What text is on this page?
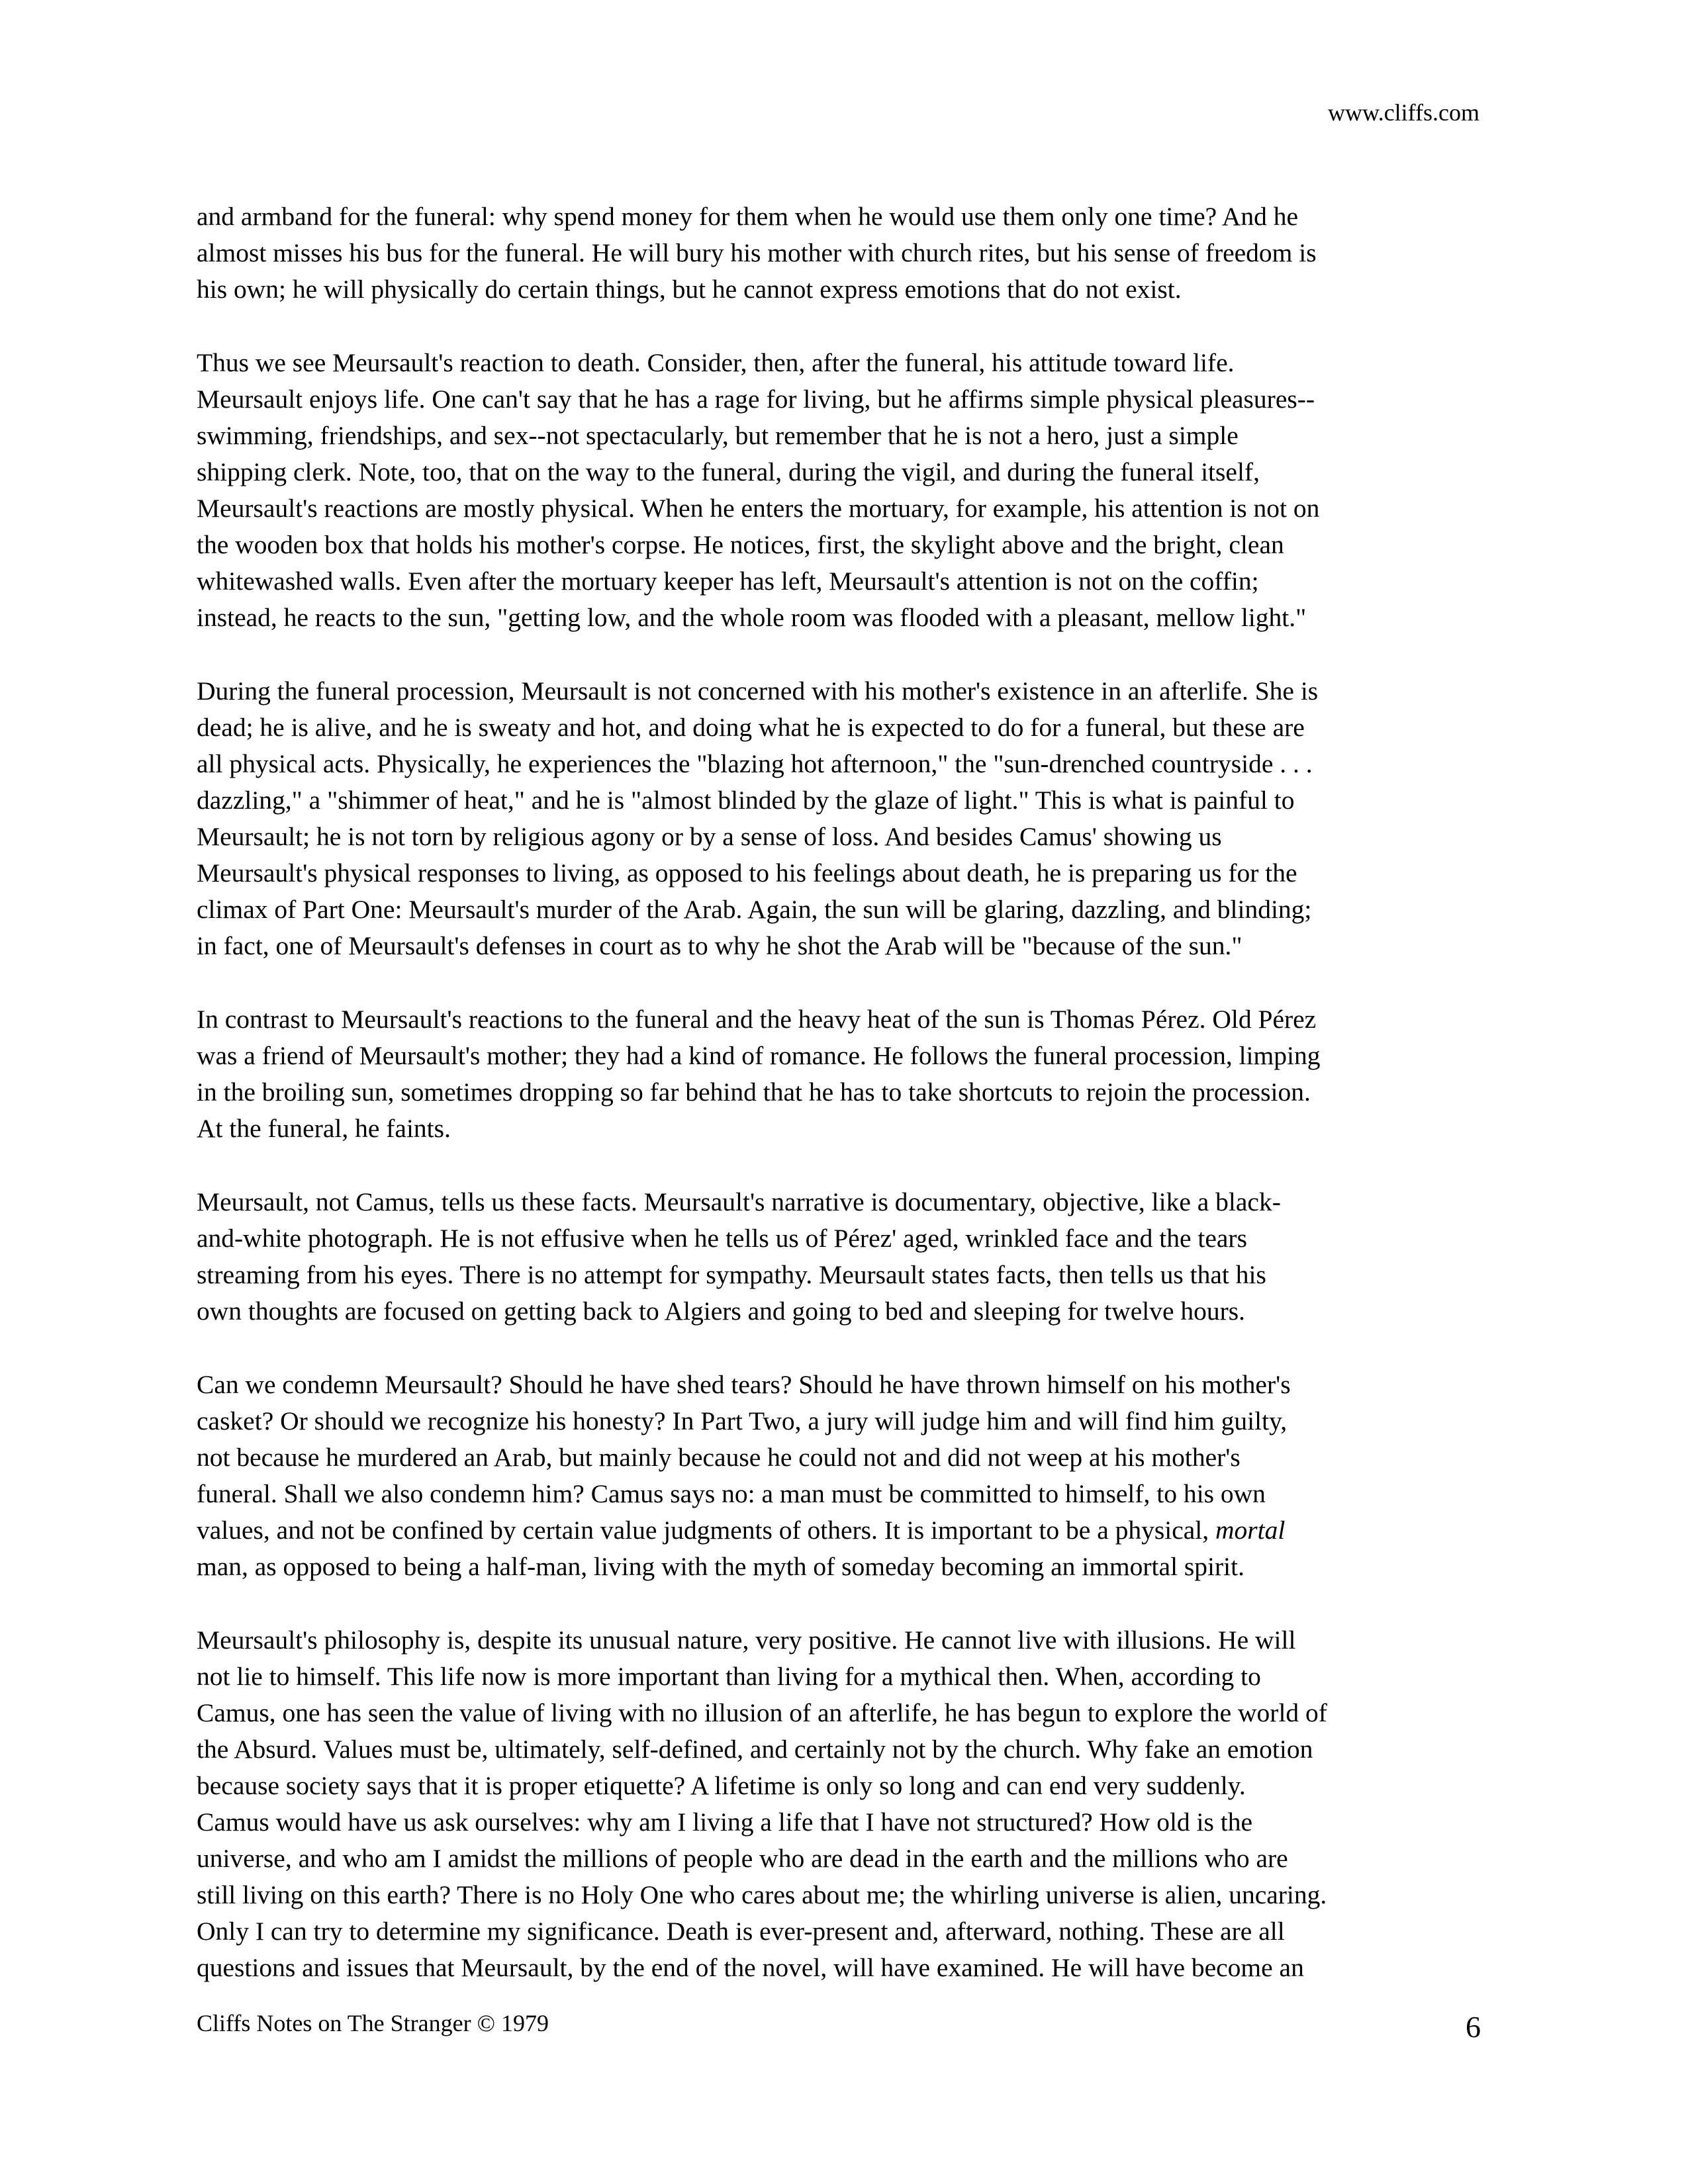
www.cliffs.com

and armband for the funeral: why spend money for them when he would use them only one time? And he
almost misses his bus for the funeral. He will bury his mother with church rites, but his sense of freedom is
his own; he will physically do certain things, but he cannot express emotions that do not exist.

Thus we see Meursault's reaction to death. Consider, then, after the funeral, his attitude toward life.
Meursault enjoys life. One can't say that he has a rage for living, but he affirms simple physical pleasures--
swimming, friendships, and sex--not spectacularly, but remember that he is not a hero, just a simple
shipping clerk. Note, too, that on the way to the funeral, during the vigil, and during the funeral itself,
Meursault's reactions are mostly physical. When he enters the mortuary, for example, his attention is not on
the wooden box that holds his mother's corpse. He notices, first, the skylight above and the bright, clean
whitewashed walls. Even after the mortuary keeper has left, Meursault's attention is not on the coffin;
instead, he reacts to the sun, "getting low, and the whole room was flooded with a pleasant, mellow light."

During the funeral procession, Meursault is not concerned with his mother's existence in an afterlife. She is
dead; he is alive, and he is sweaty and hot, and doing what he is expected to do for a funeral, but these are
all physical acts. Physically, he experiences the "blazing hot afternoon," the "sun-drenched countryside . . .
dazzling," a "shimmer of heat," and he is "almost blinded by the glaze of light." This is what is painful to
Meursault; he is not torn by religious agony or by a sense of loss. And besides Camus' showing us
Meursault's physical responses to living, as opposed to his feelings about death, he is preparing us for the
climax of Part One: Meursault's murder of the Arab. Again, the sun will be glaring, dazzling, and blinding;
in fact, one of Meursault's defenses in court as to why he shot the Arab will be "because of the sun."

In contrast to Meursault's reactions to the funeral and the heavy heat of the sun is Thomas Pérez. Old Pérez
was a friend of Meursault's mother; they had a kind of romance. He follows the funeral procession, limping
in the broiling sun, sometimes dropping so far behind that he has to take shortcuts to rejoin the procession.
At the funeral, he faints.

Meursault, not Camus, tells us these facts. Meursault's narrative is documentary, objective, like a black-
and-white photograph. He is not effusive when he tells us of Pérez' aged, wrinkled face and the tears
streaming from his eyes. There is no attempt for sympathy. Meursault states facts, then tells us that his
own thoughts are focused on getting back to Algiers and going to bed and sleeping for twelve hours.

Can we condemn Meursault? Should he have shed tears? Should he have thrown himself on his mother's
casket? Or should we recognize his honesty? In Part Two, a jury will judge him and will find him guilty,
not because he murdered an Arab, but mainly because he could not and did not weep at his mother's
funeral. Shall we also condemn him? Camus says no: a man must be committed to himself, to his own
values, and not be confined by certain value judgments of others. It is important to be a physical, mortal
man, as opposed to being a half-man, living with the myth of someday becoming an immortal spirit.

Meursault's philosophy is, despite its unusual nature, very positive. He cannot live with illusions. He will
not lie to himself. This life now is more important than living for a mythical then. When, according to
Camus, one has seen the value of living with no illusion of an afterlife, he has begun to explore the world of
the Absurd. Values must be, ultimately, self-defined, and certainly not by the church. Why fake an emotion
because society says that it is proper etiquette? A lifetime is only so long and can end very suddenly.
Camus would have us ask ourselves: why am I living a life that I have not structured? How old is the
universe, and who am I amidst the millions of people who are dead in the earth and the millions who are
still living on this earth? There is no Holy One who cares about me; the whirling universe is alien, uncaring.
Only I can try to determine my significance. Death is ever-present and, afterward, nothing. These are all
questions and issues that Meursault, by the end of the novel, will have examined. He will have become an

Cliffs Notes on The Stranger © 1979	6
